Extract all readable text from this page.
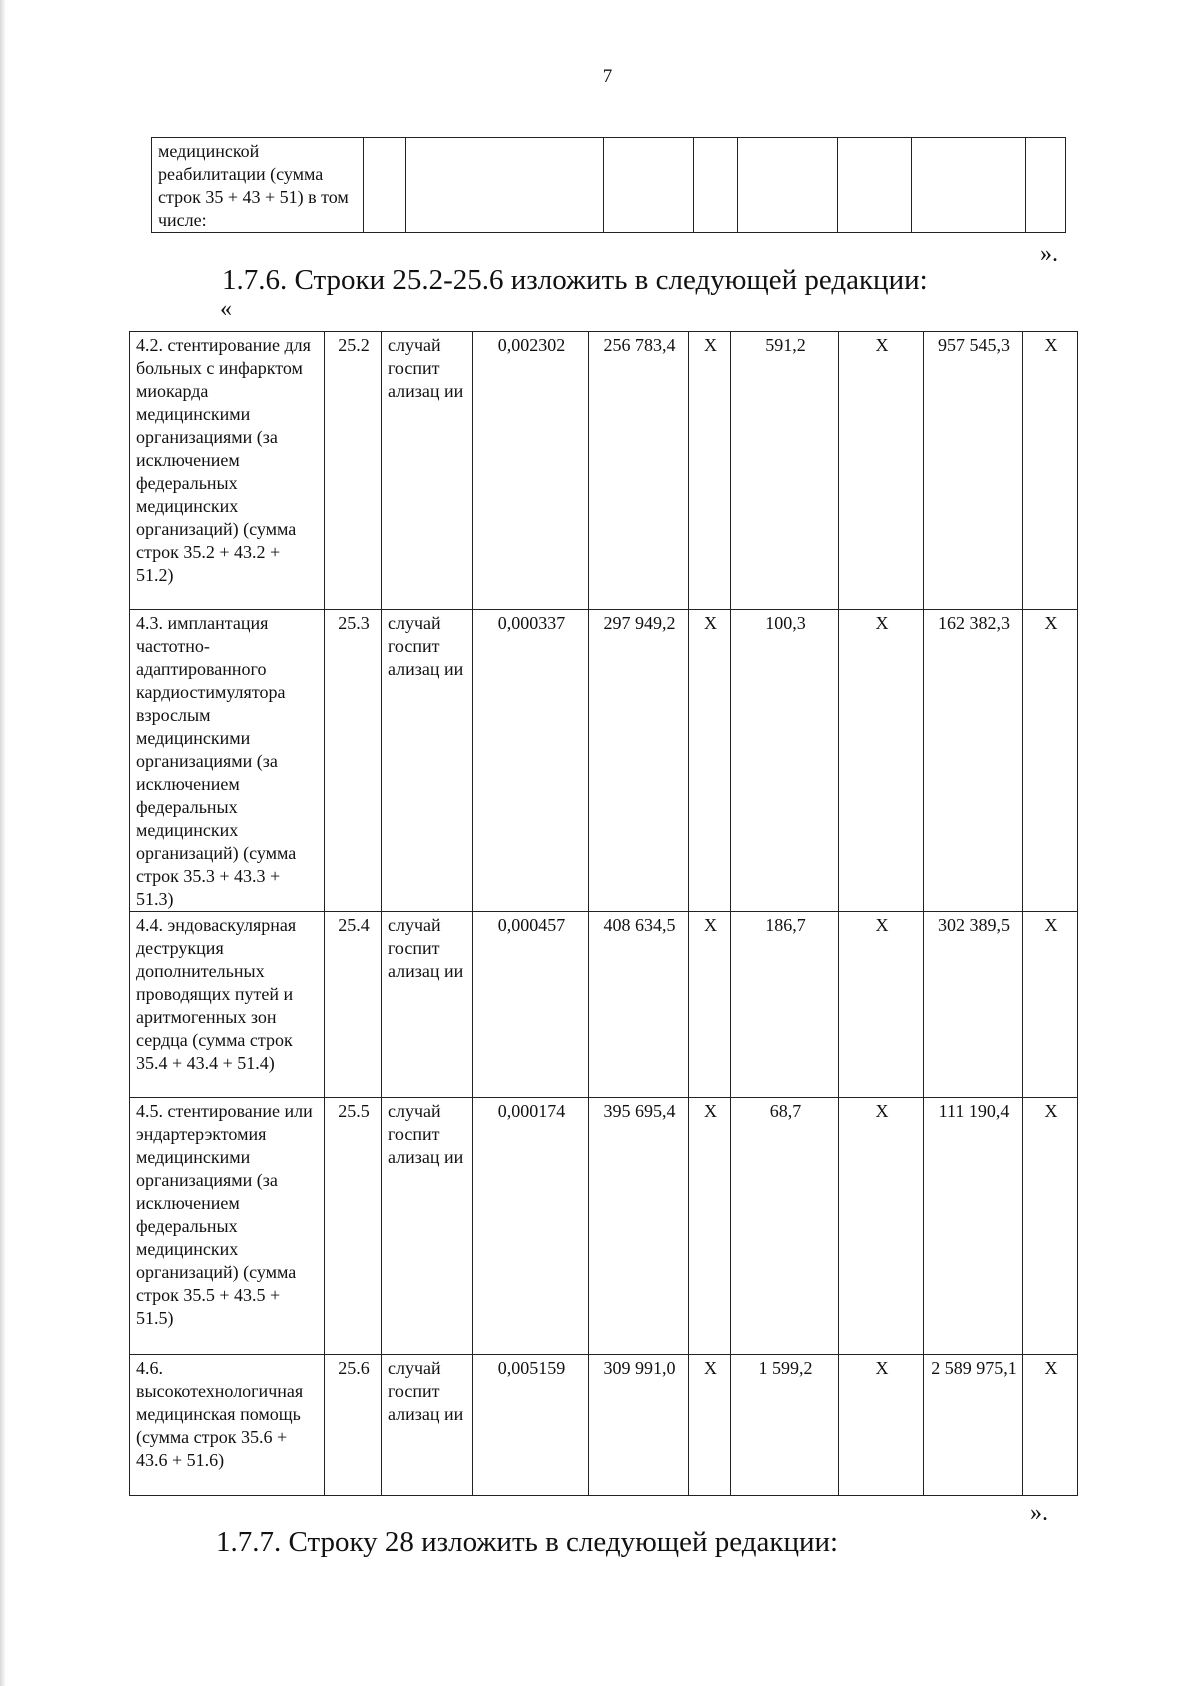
7
медицинской реабилитации (сумма строк 35 + 43 + 51) в том числе:								
».
1.7.6. Строки 25.2-25.6 изложить в следующей редакции:
«
4.2. стентирование для больных с инфарктом миокарда медицинскими организациями (за исключением федеральных медицинских организаций) (сумма строк 35.2 + 43.2 + 51.2)	25.2	случай госпит ализац ии	0,002302	256 783,4	X	591,2	X	957 545,3	X
4.3. имплантация частотно-адаптированного кардиостимулятора взрослым медицинскими организациями (за исключением федеральных медицинских организаций) (сумма строк 35.3 + 43.3 + 51.3)	25.3	случай госпит ализац ии	0,000337	297 949,2	X	100,3	X	162 382,3	X
4.4. эндоваскулярная деструкция дополнительных проводящих путей и аритмогенных зон сердца (сумма строк 35.4 + 43.4 + 51.4)	25.4	случай госпит ализац ии	0,000457	408 634,5	X	186,7	X	302 389,5	X
4.5. стентирование или эндартерэктомия медицинскими организациями (за исключением федеральных медицинских организаций) (сумма строк 35.5 + 43.5 + 51.5)	25.5	случай госпит ализац ии	0,000174	395 695,4	X	68,7	X	111 190,4	X
4.6. высокотехнологичная медицинская помощь (сумма строк 35.6 + 43.6 + 51.6)	25.6	случай госпит ализац ии	0,005159	309 991,0	X	1 599,2	X	2 589 975,1	X
».
1.7.7. Строку 28 изложить в следующей редакции:
